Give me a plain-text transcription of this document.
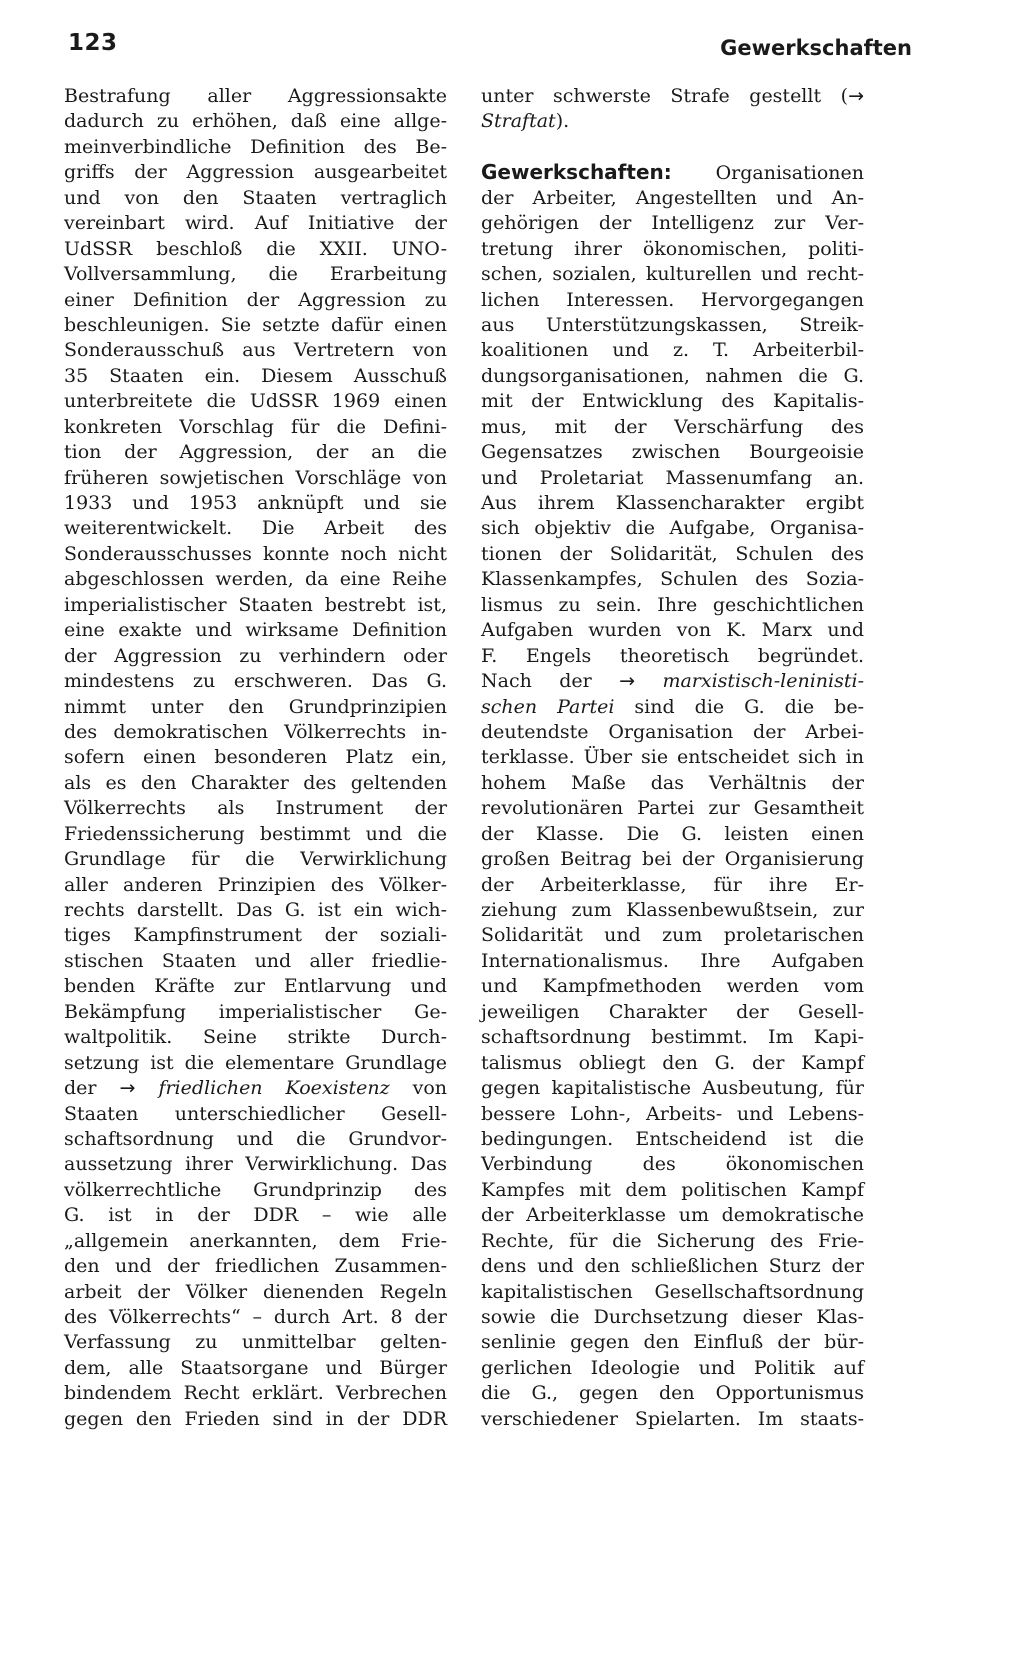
123	Gewerkschaften
Bestrafung aller Aggressionsakte
dadurch zu erhöhen, daß eine allge-
meinverbindliche Definition des Be-
griffs der Aggression ausgearbeitet
und von den Staaten vertraglich
vereinbart wird. Auf Initiative der
UdSSR beschloß die XXII. UNO-
Vollversammlung, die Erarbeitung
einer Definition der Aggression zu
beschleunigen. Sie setzte dafür einen
Sonderausschuß aus Vertretern von
35 Staaten ein. Diesem Ausschuß
unterbreitete die UdSSR 1969 einen
konkreten Vorschlag für die Defini-
tion der Aggression, der an die
früheren sowjetischen Vorschläge von
1933 und 1953 anknüpft und sie
weiterentwickelt. Die Arbeit des
Sonderausschusses konnte noch nicht
abgeschlossen werden, da eine Reihe
imperialistischer Staaten bestrebt ist,
eine exakte und wirksame Definition
der Aggression zu verhindern oder
mindestens zu erschweren. Das G.
nimmt unter den Grundprinzipien
des demokratischen Völkerrechts in-
sofern einen besonderen Platz ein,
als es den Charakter des geltenden
Völkerrechts als Instrument der
Friedenssicherung bestimmt und die
Grundlage für die Verwirklichung
aller anderen Prinzipien des Völker-
rechts darstellt. Das G. ist ein wich-
tiges Kampfinstrument der soziali-
stischen Staaten und aller friedlie-
benden Kräfte zur Entlarvung und
Bekämpfung imperialistischer Ge-
waltpolitik. Seine strikte Durch-
setzung ist die elementare Grundlage
der → friedlichen Koexistenz von
Staaten unterschiedlicher Gesell-
schaftsordnung und die Grundvor-
aussetzung ihrer Verwirklichung. Das
völkerrechtliche Grundprinzip des
G. ist in der DDR – wie alle
„allgemein anerkannten, dem Frie-
den und der friedlichen Zusammen-
arbeit der Völker dienenden Regeln
des Völkerrechts“ – durch Art. 8 der
Verfassung zu unmittelbar gelten-
dem, alle Staatsorgane und Bürger
bindendem Recht erklärt. Verbrechen
gegen den Frieden sind in der DDR
unter schwerste Strafe gestellt (→
Straftat).
Gewerkschaften: Organisationen
der Arbeiter, Angestellten und An-
gehörigen der Intelligenz zur Ver-
tretung ihrer ökonomischen, politi-
schen, sozialen, kulturellen und recht-
lichen Interessen. Hervorgegangen
aus Unterstützungskassen, Streik-
koalitionen und z. T. Arbeiterbil-
dungsorganisationen, nahmen die G.
mit der Entwicklung des Kapitalis-
mus, mit der Verschärfung des
Gegensatzes zwischen Bourgeoisie
und Proletariat Massenumfang an.
Aus ihrem Klassencharakter ergibt
sich objektiv die Aufgabe, Organisa-
tionen der Solidarität, Schulen des
Klassenkampfes, Schulen des Sozia-
lismus zu sein. Ihre geschichtlichen
Aufgaben wurden von K. Marx und
F. Engels theoretisch begründet.
Nach der → marxistisch-leninisti-
schen Partei sind die G. die be-
deutendste Organisation der Arbei-
terklasse. Über sie entscheidet sich in
hohem Maße das Verhältnis der
revolutionären Partei zur Gesamtheit
der Klasse. Die G. leisten einen
großen Beitrag bei der Organisierung
der Arbeiterklasse, für ihre Er-
ziehung zum Klassenbewußtsein, zur
Solidarität und zum proletarischen
Internationalismus. Ihre Aufgaben
und Kampfmethoden werden vom
jeweiligen Charakter der Gesell-
schaftsordnung bestimmt. Im Kapi-
talismus obliegt den G. der Kampf
gegen kapitalistische Ausbeutung, für
bessere Lohn-, Arbeits- und Lebens-
bedingungen. Entscheidend ist die
Verbindung des ökonomischen
Kampfes mit dem politischen Kampf
der Arbeiterklasse um demokratische
Rechte, für die Sicherung des Frie-
dens und den schließlichen Sturz der
kapitalistischen Gesellschaftsordnung
sowie die Durchsetzung dieser Klas-
senlinie gegen den Einfluß der bür-
gerlichen Ideologie und Politik auf
die G., gegen den Opportunismus
verschiedener Spielarten. Im staats-
